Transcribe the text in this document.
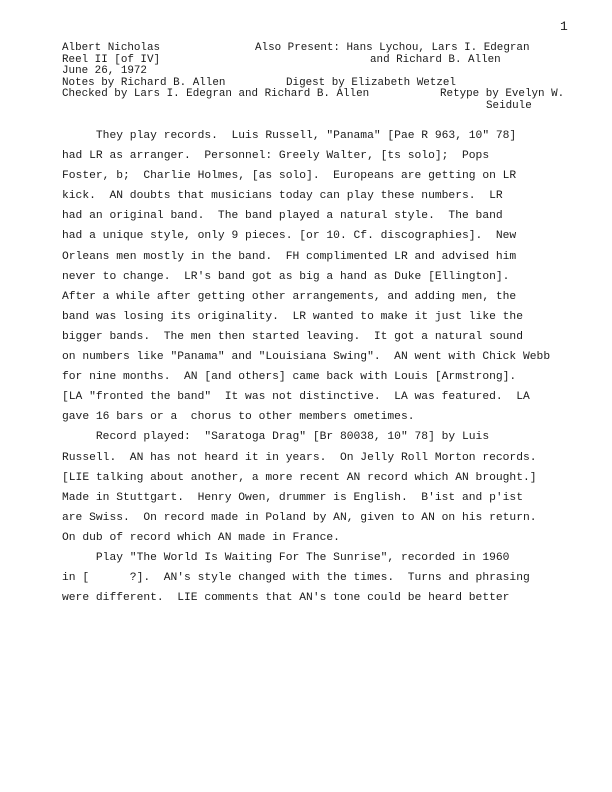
1
Albert Nicholas	Also Present: Hans Lychou, Lars I. Edegran
Reel II [of IV]	and Richard B. Allen
June 26, 1972
Notes by Richard B. Allen	Digest by Elizabeth Wetzel
Checked by Lars I. Edegran and Richard B. Allen	Retype by Evelyn W.
Seidule
They play records.  Luis Russell, "Panama" [Pae R 963, 10" 78]
had LR as arranger.  Personnel: Greely Walter, [ts solo];  Pops
Foster, b;  Charlie Holmes, [as solo].  Europeans are getting on LR
kick.  AN doubts that musicians today can play these numbers.  LR
had an original band.  The band played a natural style.  The band
had a unique style, only 9 pieces. [or 10. Cf. discographies].  New
Orleans men mostly in the band.  FH complimented LR and advised him
never to change.  LR's band got as big a hand as Duke [Ellington].
After a while after getting other arrangements, and adding men, the
band was losing its originality.  LR wanted to make it just like the
bigger bands.  The men then started leaving.  It got a natural sound
on numbers like "Panama" and "Louisiana Swing".  AN went with Chick Webb
for nine months.  AN [and others] came back with Louis [Armstrong].
[LA "fronted the band"  It was not distinctive.  LA was featured.  LA
gave 16 bars or a  chorus to other members ometimes.
Record played:  "Saratoga Drag" [Br 80038, 10" 78] by Luis
Russell.  AN has not heard it in years.  On Jelly Roll Morton records.
[LIE talking about another, a more recent AN record which AN brought.]
Made in Stuttgart.  Henry Owen, drummer is English.  B'ist and p'ist
are Swiss.  On record made in Poland by AN, given to AN on his return.
On dub of record which AN made in France.
Play "The World Is Waiting For The Sunrise", recorded in 1960
in [      ?].  AN's style changed with the times.  Turns and phrasing
were different.  LIE comments that AN's tone could be heard better
